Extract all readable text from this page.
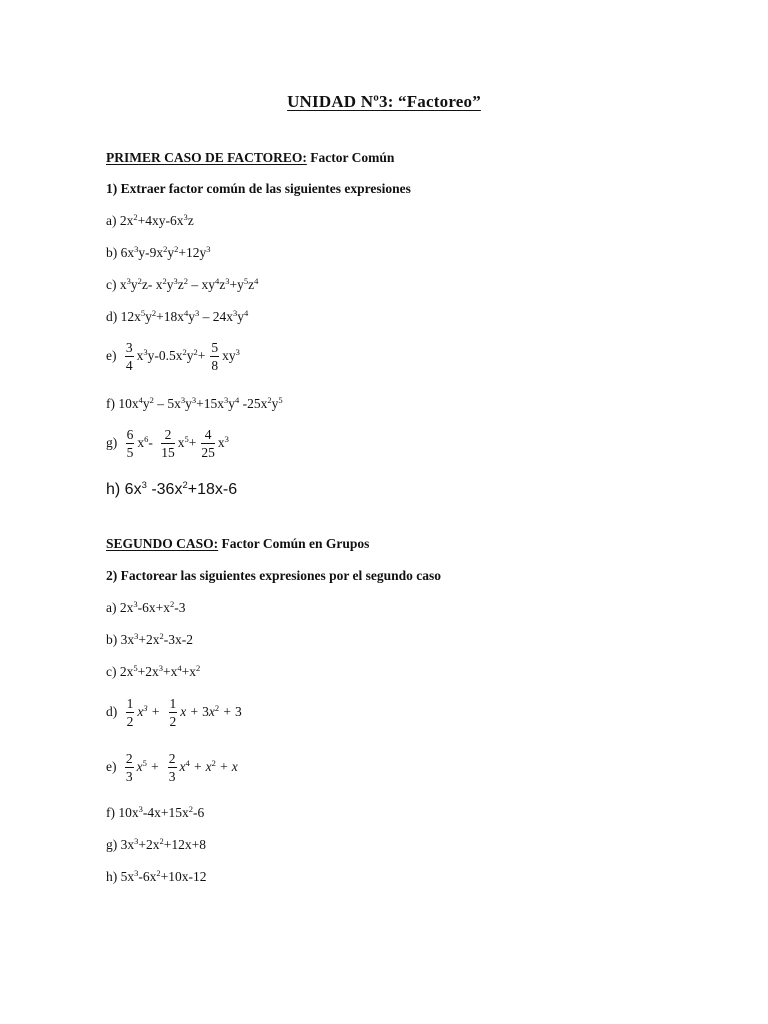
UNIDAD Nº3: “Factoreo”
PRIMER CASO DE FACTOREO: Factor Común
1) Extraer factor común de las siguientes expresiones
a) $2x^2+4xy-6x^3z$
b) $6x^3y-9x^2y^2+12y^3$
c) $x^3y^2z-$ $x^2y^3z^2 - xy^4z^3+y^5z^4$
d) $12x^5y^2+18x^4y^3 - 24x^3y^4$
$e) \frac{3}{4} x^3y-0.5x^2y^2+ \frac{5}{8} xy^3$
f) $10x^4y^2 - 5x^3y^3+15x^3y^4$ $-25x^2y^5$
$g) \frac{6}{5} x^6- \frac{2}{15} x^5+ \frac{4}{25} x^3$
h) $6x^3$ $-36x^2+18x-6$
SEGUNDO CASO: Factor Común en Grupos
2) Factorear las siguientes expresiones por el segundo caso
a) $2x^3-6x+x^2-3$
b) $3x^3+2x^2-3x-2$
c) $2x^5+2x^3+x^4+x^2$
$d) \frac{1}{2} x^3 + \frac{1}{2}$ $x + 3x^2 + 3$
$e) \frac{2}{3} x^5 + \frac{2}{3} x^4 + x^2 + x$
f) $10x^3-4x+15x^2-6$
g) $3x^3+2x^2+12x+8$
h) $5x^3-6x^2+10x-12$
